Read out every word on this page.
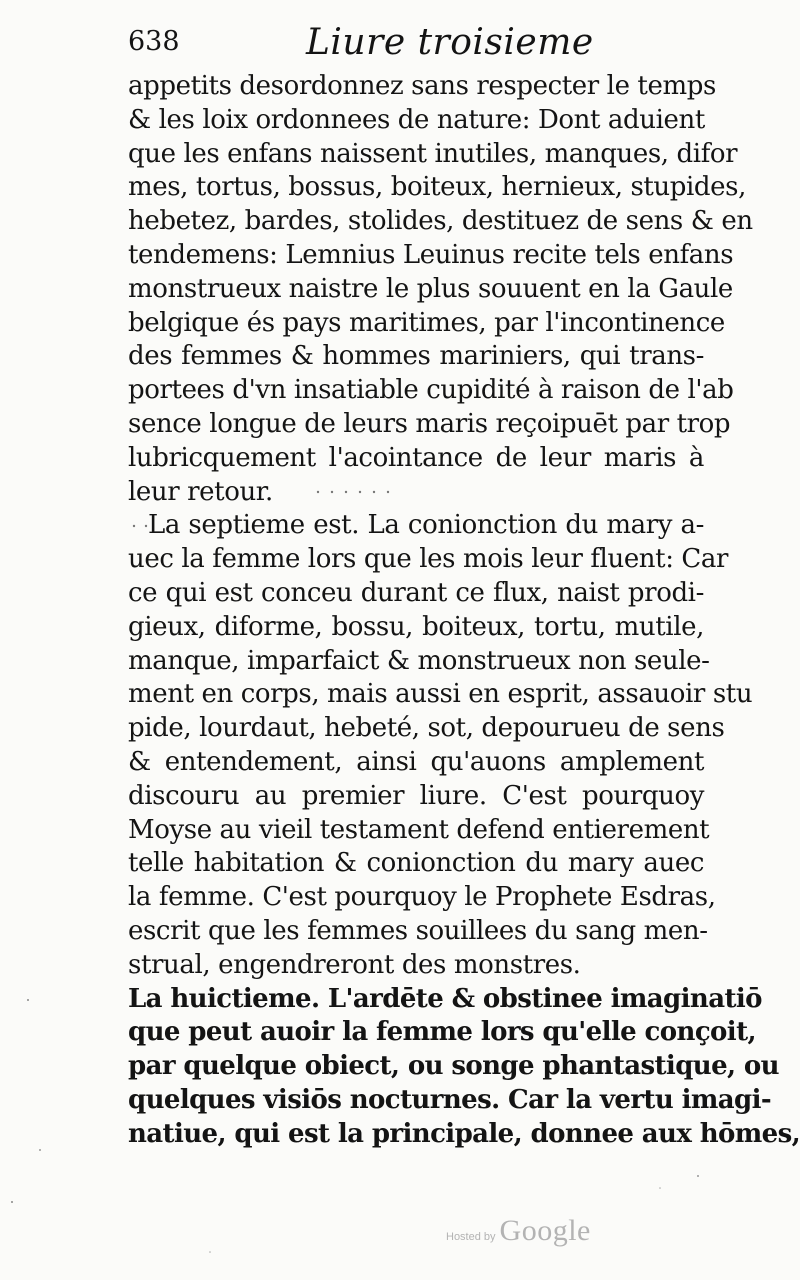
638	Liure troisieme
appetits desordonnez sans respecter le temps
& les loix ordonnees de nature: Dont aduient
que les enfans naissent inutiles, manques, difor
mes, tortus, bossus, boiteux, hernieux, stupides,
hebetez, bardes, stolides, destituez de sens & en
tendemens: Lemnius Leuinus recite tels enfans
monstrueux naistre le plus souuent en la Gaule
belgique és pays maritimes, par l'incontinence
des femmes & hommes mariniers, qui trans-
portees d'vn insatiable cupidité à raison de l'ab
sence longue de leurs maris reçoipuēt par trop
lubricquement l'acointance de leur maris à
leur retour.
La septieme est. La conionction du mary a-
uec la femme lors que les mois leur fluent: Car
ce qui est conceu durant ce flux, naist prodi-
gieux, diforme, bossu, boiteux, tortu, mutile,
manque, imparfaict & monstrueux non seule-
ment en corps, mais aussi en esprit, assauoir stu
pide, lourdaut, hebeté, sot, depourueu de sens
& entendement, ainsi qu'auons amplement
discouru au premier liure. C'est pourquoy
Moyse au vieil testament defend entierement
telle habitation & conionction du mary auec
la femme. C'est pourquoy le Prophete Esdras,
escrit que les femmes souillees du sang men-
strual, engendreront des monstres.
La huictieme. L'ardēte & obstinee imaginatiō
que peut auoir la femme lors qu'elle conçoit,
par quelque obiect, ou songe phantastique, ou
quelques visiōs nocturnes. Car la vertu imagi-
natiue, qui est la principale, donnee aux hōmes,
Hosted by Google
